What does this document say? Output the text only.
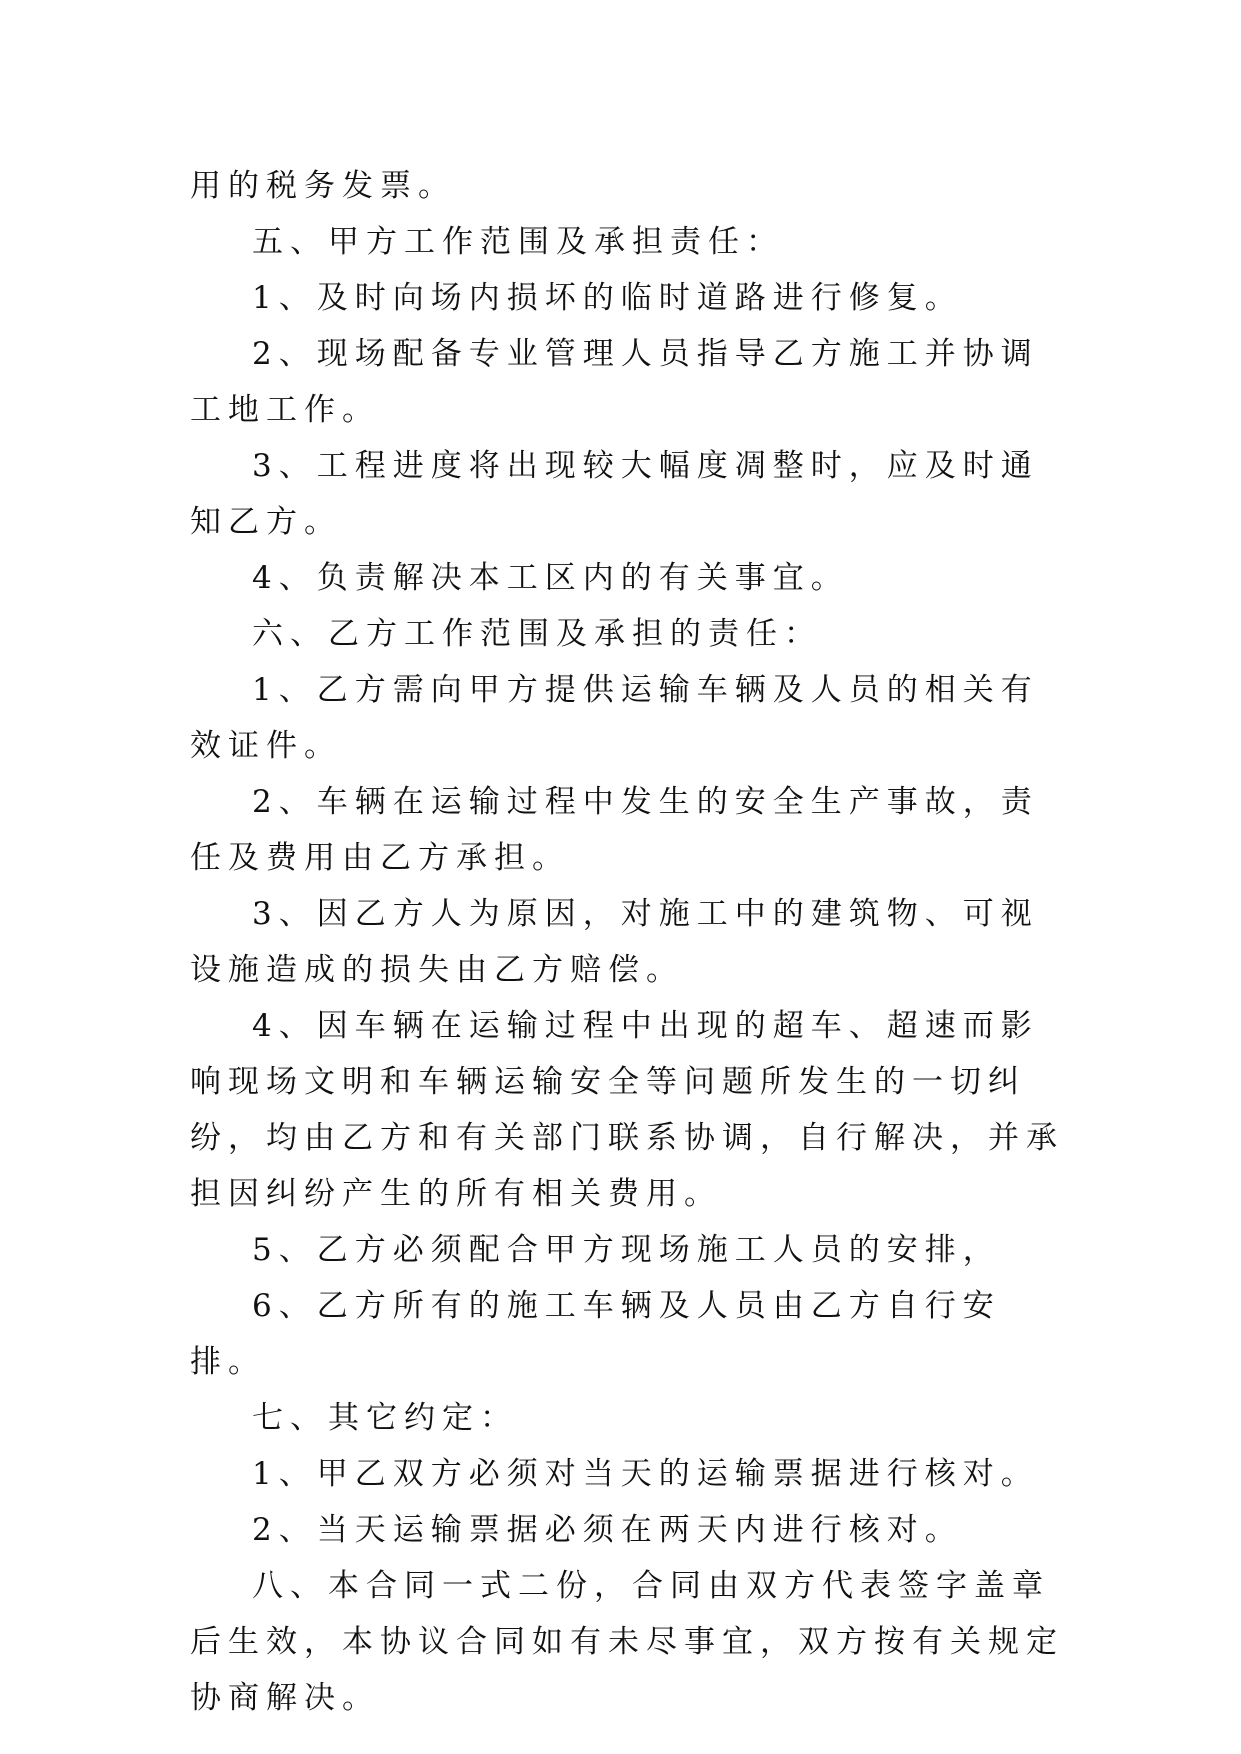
用的税务发票。

五、甲方工作范围及承担责任：

1、及时向场内损坏的临时道路进行修复。

2、现场配备专业管理人员指导乙方施工并协调工地工作。

3、工程进度将出现较大幅度凋整时，应及时通知乙方。

4、负责解决本工区内的有关事宜。

六、乙方工作范围及承担的责任：

1、乙方需向甲方提供运输车辆及人员的相关有效证件。

2、车辆在运输过程中发生的安全生产事故，责任及费用由乙方承担。

3、因乙方人为原因，对施工中的建筑物、可视设施造成的损失由乙方赔偿。

4、因车辆在运输过程中出现的超车、超速而影响现场文明和车辆运输安全等问题所发生的一切纠纷，均由乙方和有关部门联系协调，自行解决，并承担因纠纷产生的所有相关费用。

5、乙方必须配合甲方现场施工人员的安排，

6、乙方所有的施工车辆及人员由乙方自行安排。

七、其它约定：

1、甲乙双方必须对当天的运输票据进行核对。

2、当天运输票据必须在两天内进行核对。

八、本合同一式二份，合同由双方代表签字盖章后生效，本协议合同如有未尽事宜，双方按有关规定协商解决。
